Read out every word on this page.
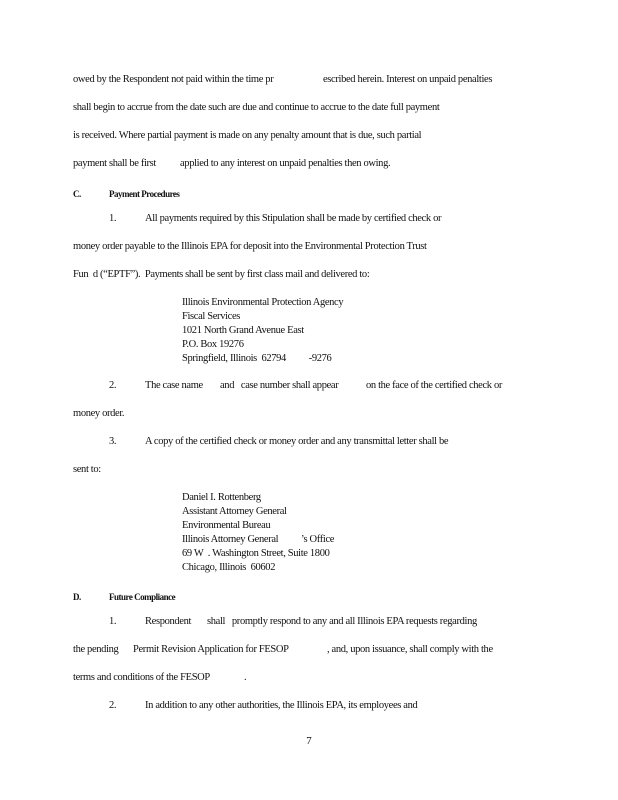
owed by the Respondent not paid within the time pr	escribed herein. Interest on unpaid penalties
shall begin to accrue from the date such are due and continue to accrue to the date full payment
is received. Where partial payment is made on any penalty amount that is due, such partial
payment shall be first applied to any interest on unpaid penalties then owing.
C.	Payment Procedures
1.	All payments required by this Stipulation shall be made by certified check or
money order payable to the Illinois EPA for deposit into the Environmental Protection Trust
Fun  d (“EPTF”).  Payments shall be sent by first class mail and delivered to:
Illinois Environmental Protection Agency
Fiscal Services
1021 North Grand Avenue East
P.O. Box 19276
Springfield, Illinois  62794          -9276
2.	The case name and   case number shall appear	on the face of the certified check or
money order.
3.	A copy of the certified check or money order and any transmittal letter shall be
sent to:
Daniel I. Rottenberg
Assistant Attorney General
Environmental Bureau
Illinois Attorney General          ’s Office
69 W  . Washington Street, Suite 1800
Chicago, Illinois  60602
D.	Future Compliance
1.	Respondent shall   promptly respond to any and all Illinois EPA requests regarding
the pending Permit Revision Application for FESOP	, and, upon issuance, shall comply with the
terms and conditions of the FESOP	.
2.	In addition to any other authorities, the Illinois EPA, its employees and
7
